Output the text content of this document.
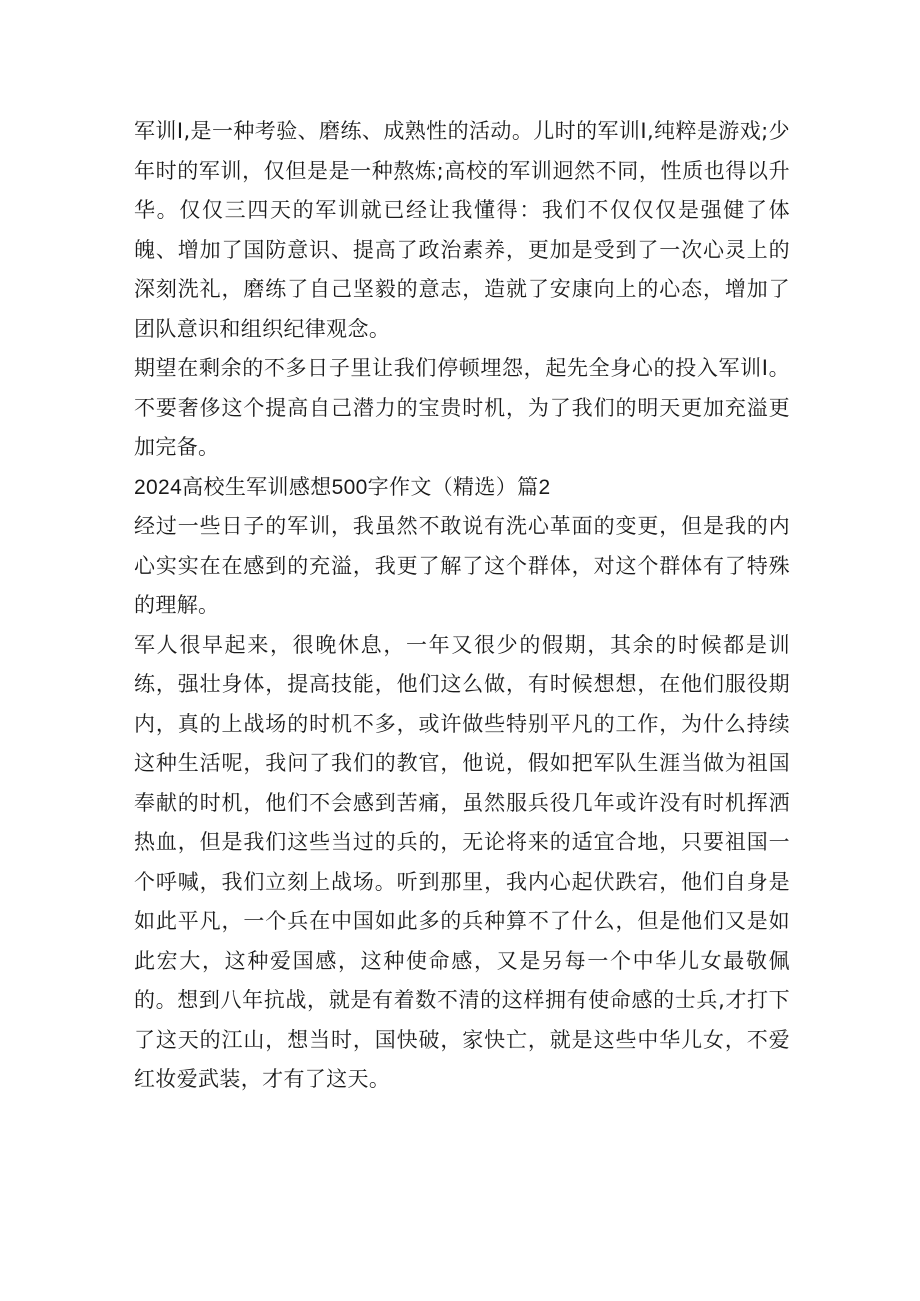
军训Ⅰ,是一种考验、磨练、成熟性的活动。儿时的军训Ⅰ,纯粹是游戏;少年时的军训，仅但是是一种熬炼;高校的军训迥然不同，性质也得以升华。仅仅三四天的军训就已经让我懂得：我们不仅仅仅是强健了体魄、增加了国防意识、提高了政治素养，更加是受到了一次心灵上的深刻洗礼，磨练了自己坚毅的意志，造就了安康向上的心态，增加了团队意识和组织纪律观念。

期望在剩余的不多日子里让我们停顿埋怨，起先全身心的投入军训Ⅰ。不要奢侈这个提高自己潜力的宝贵时机，为了我们的明天更加充溢更加完备。

2024高校生军训感想500字作文（精选）篇2

经过一些日子的军训，我虽然不敢说有洗心革面的变更，但是我的内心实实在在感到的充溢，我更了解了这个群体，对这个群体有了特殊的理解。

军人很早起来，很晚休息，一年又很少的假期，其余的时候都是训练，强壮身体，提高技能，他们这么做，有时候想想，在他们服役期内，真的上战场的时机不多，或许做些特别平凡的工作，为什么持续这种生活呢，我问了我们的教官，他说，假如把军队生涯当做为祖国奉献的时机，他们不会感到苦痛，虽然服兵役几年或许没有时机挥洒热血，但是我们这些当过的兵的，无论将来的适宜合地，只要祖国一个呼喊，我们立刻上战场。听到那里，我内心起伏跌宕，他们自身是如此平凡，一个兵在中国如此多的兵种算不了什么，但是他们又是如此宏大，这种爱国感，这种使命感，又是另每一个中华儿女最敬佩的。想到八年抗战，就是有着数不清的这样拥有使命感的士兵,才打下了这天的江山，想当时，国快破，家快亡，就是这些中华儿女，不爱红妆爱武装，才有了这天。
